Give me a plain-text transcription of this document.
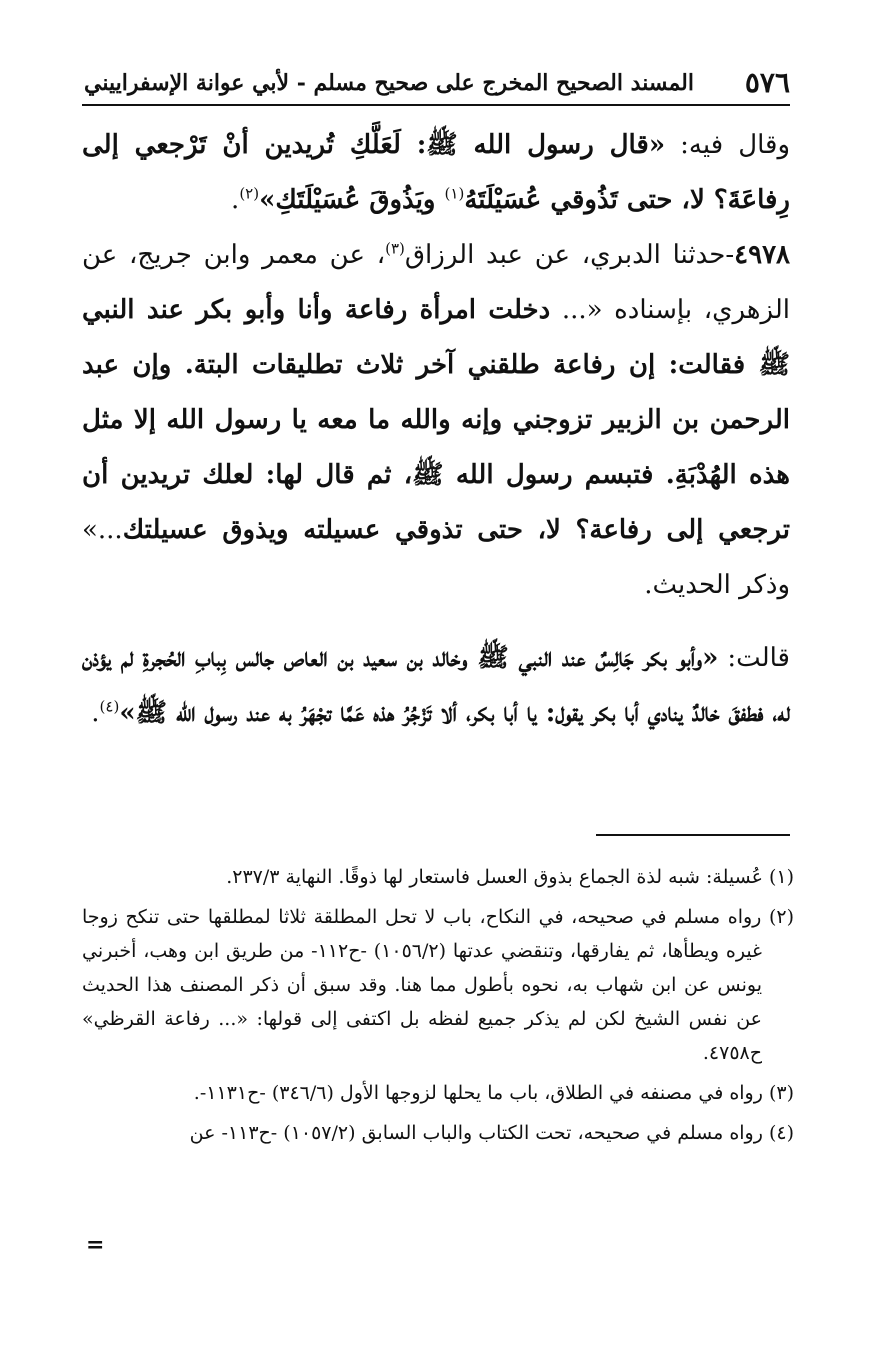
٥٧٦
المسند الصحيح المخرج على صحيح مسلم - لأبي عوانة الإسفراييني

وقال فيه: «قال رسول الله ﷺ: لَعَلَّكِ تُريدين أنْ تَرْجعي إلى رِفاعَةَ؟ لا، حتى تَذُوقي عُسَيْلَتَهُ$^{(١)}$ ويَذُوقَ عُسَيْلَتَكِ»$^{(٢)}$.

٤٩٧٨-حدثنا الدبري، عن عبد الرزاق$^{(٣)}$، عن معمر وابن جريج، عن الزهري، بإسناده «... دخلت امرأة رفاعة وأنا وأبو بكر عند النبي ﷺ فقالت: إن رفاعة طلقني آخر ثلاث تطليقات البتة. وإن عبد الرحمن بن الزبير تزوجني وإنه والله ما معه يا رسول الله إلا مثل هذه الهُدْبَةِ. فتبسم رسول الله ﷺ، ثم قال لها: لعلك تريدين أن ترجعي إلى رفاعة؟ لا، حتى تذوقي عسيلته ويذوق عسيلتك...» وذكر الحديث.

قالت: «وأبو بكر جَالِسٌ عند النبي ﷺ وخالد بن سعيد بن العاص جالس بِبابِ الحُجرةِ لم يؤذن له، فطفقَ خالدٌ ينادي أبا بكر يقول: يا أبا بكر، ألا تَزْجُرُ هذه عَمَّا تجْهَرُ به عند رسول الله ﷺ»$^{(٤)}$.

(١) عُسيلة: شبه لذة الجماع بذوق العسل فاستعار لها ذوقًا. النهاية ٢٣٧/٣.

(٢) رواه مسلم في صحيحه، في النكاح، باب لا تحل المطلقة ثلاثا لمطلقها حتى تنكح زوجا غيره ويطأها، ثم يفارقها، وتنقضي عدتها (١٠٥٦/٢) -ح١١٢- من طريق ابن وهب، أخبرني يونس عن ابن شهاب به، نحوه بأطول مما هنا. وقد سبق أن ذكر المصنف هذا الحديث عن نفس الشيخ لكن لم يذكر جميع لفظه بل اكتفى إلى قولها: «... رفاعة القرظي» ح٤٧٥٨.

(٣) رواه في مصنفه في الطلاق، باب ما يحلها لزوجها الأول (٣٤٦/٦) -ح١١٣١-.

(٤) رواه مسلم في صحيحه، تحت الكتاب والباب السابق (١٠٥٧/٢) -ح١١٣- عن

=
